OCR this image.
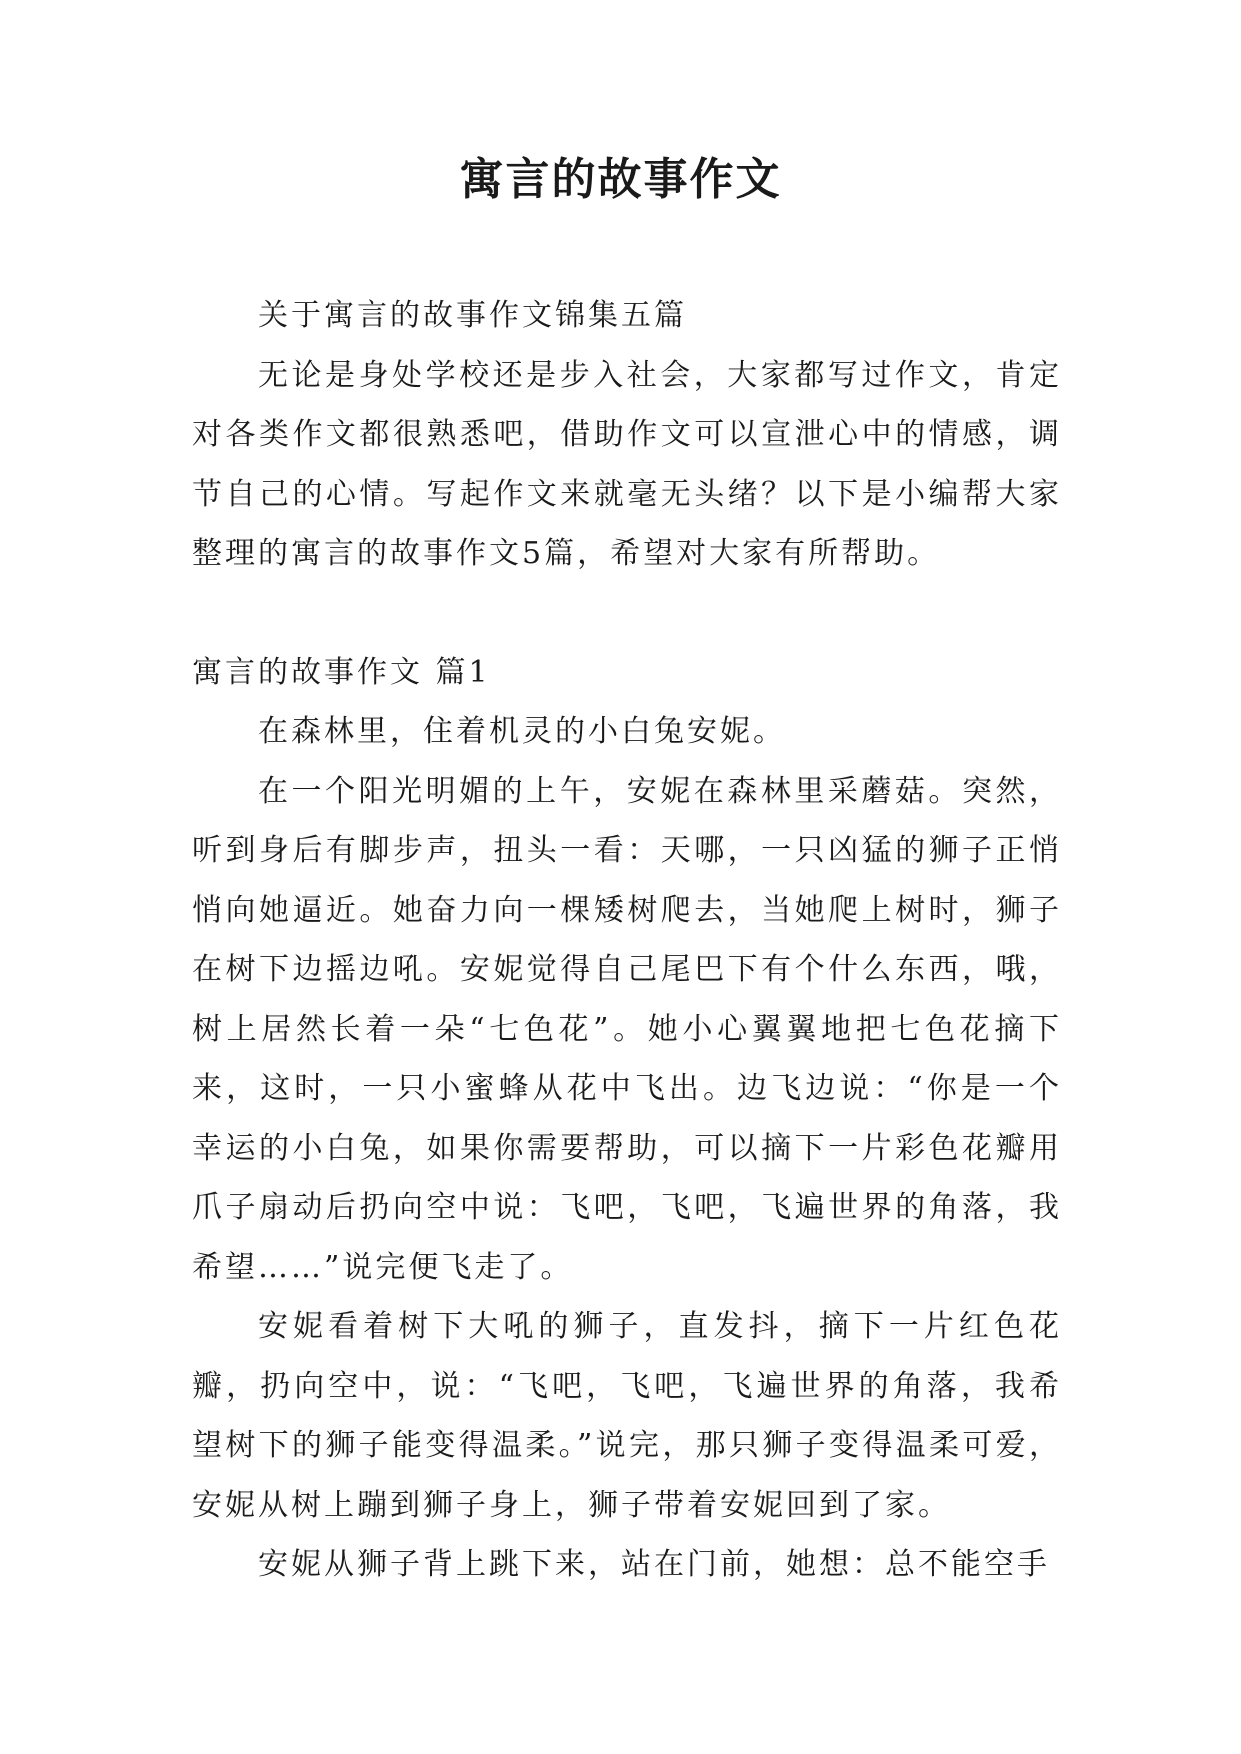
寓言的故事作文

关于寓言的故事作文锦集五篇

无论是身处学校还是步入社会，大家都写过作文，肯定对各类作文都很熟悉吧，借助作文可以宣泄心中的情感，调节自己的心情。写起作文来就毫无头绪？以下是小编帮大家整理的寓言的故事作文5篇，希望对大家有所帮助。

寓言的故事作文 篇1

在森林里，住着机灵的小白兔安妮。

在一个阳光明媚的上午，安妮在森林里采蘑菇。突然，听到身后有脚步声，扭头一看：天哪，一只凶猛的狮子正悄悄向她逼近。她奋力向一棵矮树爬去，当她爬上树时，狮子在树下边摇边吼。安妮觉得自己尾巴下有个什么东西，哦，树上居然长着一朵“七色花”。她小心翼翼地把七色花摘下来，这时，一只小蜜蜂从花中飞出。边飞边说：“你是一个幸运的小白兔，如果你需要帮助，可以摘下一片彩色花瓣用爪子扇动后扔向空中说：飞吧，飞吧，飞遍世界的角落，我希望……”说完便飞走了。

安妮看着树下大吼的狮子，直发抖，摘下一片红色花瓣，扔向空中，说：“飞吧，飞吧，飞遍世界的角落，我希望树下的狮子能变得温柔。”说完，那只狮子变得温柔可爱，安妮从树上蹦到狮子身上，狮子带着安妮回到了家。

安妮从狮子背上跳下来，站在门前，她想：总不能空手
